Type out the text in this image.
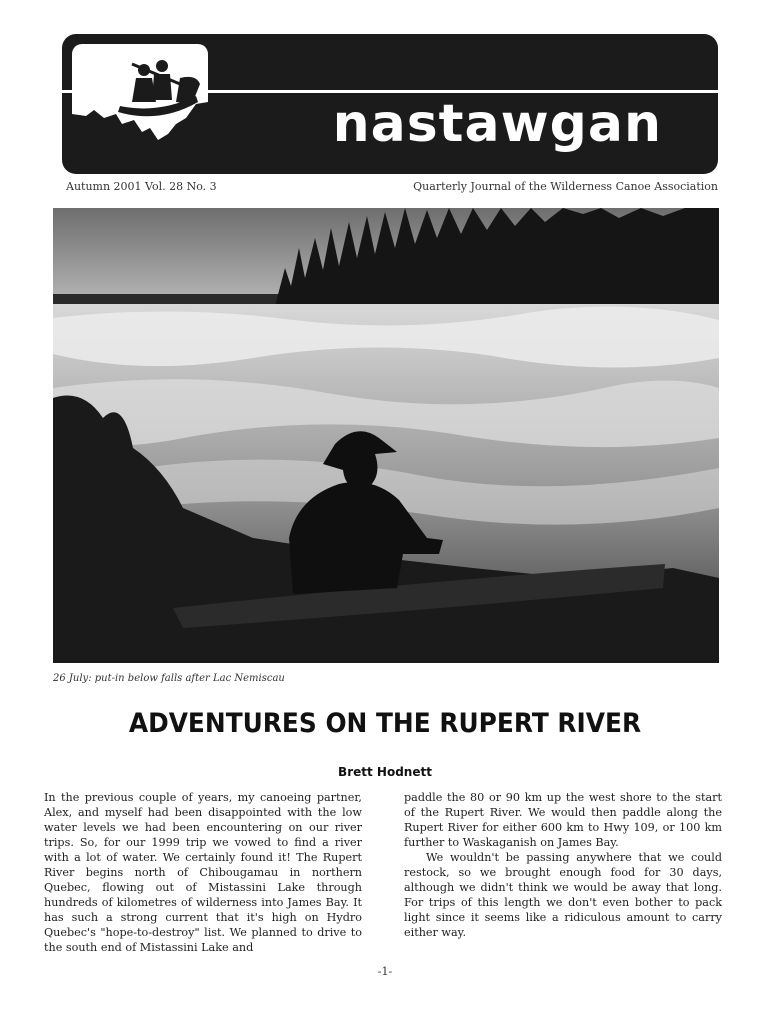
nastawgan
Autumn 2001 Vol. 28 No. 3	Quarterly Journal of the Wilderness Canoe Association
26 July: put-in below falls after Lac Nemiscau
ADVENTURES ON THE RUPERT RIVER
Brett Hodnett

In the previous couple of years, my canoeing partner, Alex, and myself had been disappointed with the low water levels we had been encountering on our river trips. So, for our 1999 trip we vowed to find a river with a lot of water. We certainly found it! The Rupert River begins north of Chibougamau in northern Quebec, flowing out of Mistassini Lake through hundreds of kilometres of wilderness into James Bay. It has such a strong current that it's high on Hydro Quebec's "hope-to-destroy" list. We planned to drive to the south end of Mistassini Lake and

paddle the 80 or 90 km up the west shore to the start of the Rupert River. We would then paddle along the Rupert River for either 600 km to Hwy 109, or 100 km further to Waskaganish on James Bay.

We wouldn't be passing anywhere that we could restock, so we brought enough food for 30 days, although we didn't think we would be away that long. For trips of this length we don't even bother to pack light since it seems like a ridiculous amount to carry either way.

-1-
